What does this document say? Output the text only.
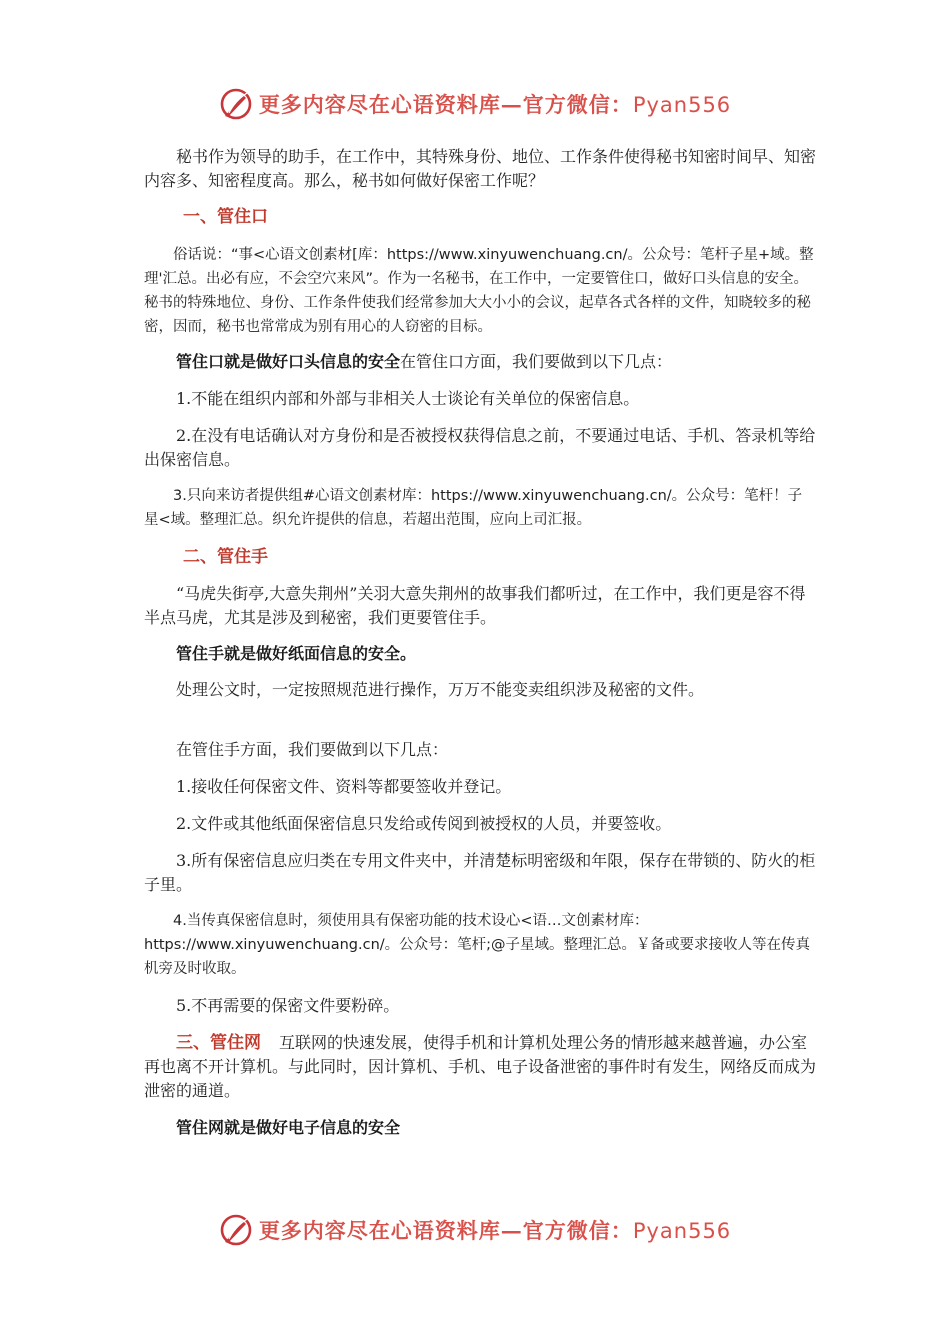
更多内容尽在心语资料库—官方微信：Pyan556

秘书作为领导的助手，在工作中，其特殊身份、地位、工作条件使得秘书知密时间早、知密内容多、知密程度高。那么，秘书如何做好保密工作呢？

一、管住口

俗话说：“事<心语文创素材[库：https://www.xinyuwenchuang.cn/。公众号：笔杆子星+域。整理'汇总。出必有应，不会空穴来风”。作为一名秘书，在工作中，一定要管住口，做好口头信息的安全。秘书的特殊地位、身份、工作条件使我们经常参加大大小小的会议，起草各式各样的文件，知晓较多的秘密，因而，秘书也常常成为别有用心的人窃密的目标。

管住口就是做好口头信息的安全在管住口方面，我们要做到以下几点：

1.不能在组织内部和外部与非相关人士谈论有关单位的保密信息。

2.在没有电话确认对方身份和是否被授权获得信息之前，不要通过电话、手机、答录机等给出保密信息。

3.只向来访者提供组#心语文创素材库：https://www.xinyuwenchuang.cn/。公众号：笔杆！子星<域。整理汇总。织允许提供的信息，若超出范围，应向上司汇报。

二、管住手

“马虎失街亭,大意失荆州”关羽大意失荆州的故事我们都听过，在工作中，我们更是容不得半点马虎，尤其是涉及到秘密，我们更要管住手。

管住手就是做好纸面信息的安全。

处理公文时，一定按照规范进行操作，万万不能变卖组织涉及秘密的文件。

在管住手方面，我们要做到以下几点：

1.接收任何保密文件、资料等都要签收并登记。

2.文件或其他纸面保密信息只发给或传阅到被授权的人员，并要签收。

3.所有保密信息应归类在专用文件夹中，并清楚标明密级和年限，保存在带锁的、防火的柜子里。

4.当传真保密信息时，须使用具有保密功能的技术设心<语…文创素材库：https://www.xinyuwenchuang.cn/。公众号：笔杆;@子星域。整理汇总。￥备或要求接收人等在传真机旁及时收取。

5.不再需要的保密文件要粉碎。

三、管住网 互联网的快速发展，使得手机和计算机处理公务的情形越来越普遍，办公室再也离不开计算机。与此同时，因计算机、手机、电子设备泄密的事件时有发生，网络反而成为泄密的通道。

管住网就是做好电子信息的安全

更多内容尽在心语资料库—官方微信：Pyan556
